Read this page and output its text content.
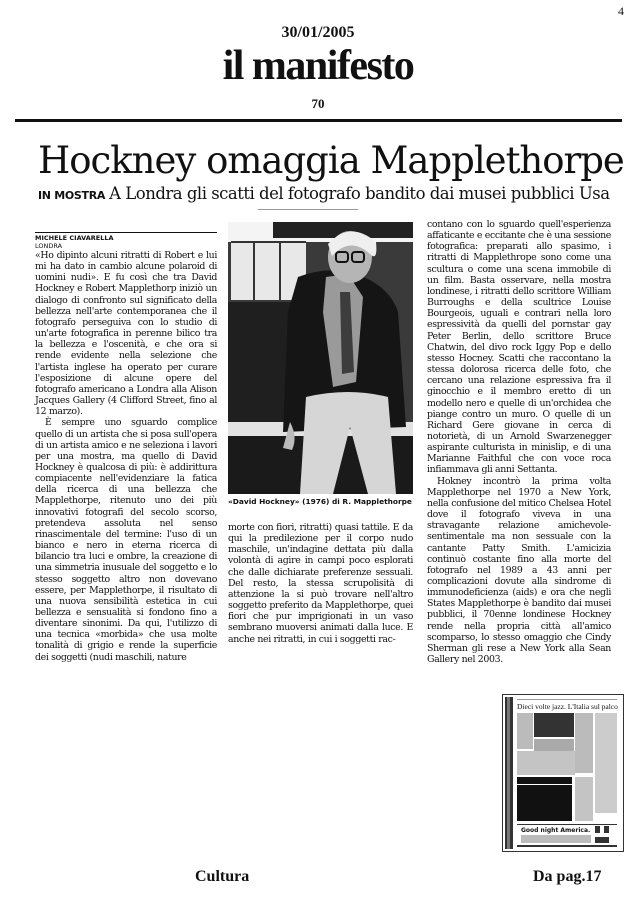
4
30/01/2005
il manifesto
70
Hockney omaggia Mapplethorpe
IN MOSTRA A Londra gli scatti del fotografo bandito dai musei pubblici Usa
MICHELE CIAVARELLA
LONDRA

«Ho dipinto alcuni ritratti di Robert e lui mi ha dato in cambio alcune polaroid di uomini nudi». E fu così che tra David Hockney e Robert Mapplethorp iniziò un dialogo di confronto sul significato della bellezza nell'arte contemporanea che il fotografo perseguiva con lo studio di un'arte fotografica in perenne bilico tra la bellezza e l'oscenità, e che ora si rende evidente nella selezione che l'artista inglese ha operato per curare l'esposizione di alcune opere del fotografo americano a Londra alla Alison Jacques Gallery (4 Clifford Street, fino al 12 marzo).

È sempre uno sguardo complice quello di un artista che si posa sull'opera di un artista amico e ne seleziona i lavori per una mostra, ma quello di David Hockney è qualcosa di più: è addirittura compiacente nell'evidenziare la fatica della ricerca di una bellezza che Mapplethorpe, ritenuto uno dei più innovativi fotografi del secolo scorso, pretendeva assoluta nel senso rinascimentale del termine: l'uso di un bianco e nero in eterna ricerca di bilancio tra luci e ombre, la creazione di una simmetria inusuale del soggetto e lo stesso soggetto altro non dovevano essere, per Mapplethorpe, il risultato di una nuova sensibilità estetica in cui bellezza e sensualità si fondono fino a diventare sinonimi. Da qui, l'utilizzo di una tecnica «morbida» che usa molte tonalità di grigio e rende la superficie dei soggetti (nudi maschili, nature

«David Hockney» (1976) di R. Mapplethorpe

morte con fiori, ritratti) quasi tattile. E da qui la predilezione per il corpo nudo maschile, un'indagine dettata più dalla volontà di agire in campi poco esplorati che dalle dichiarate preferenze sessuali. Del resto, la stessa scrupolisità di attenzione la si può trovare nell'altro soggetto preferito da Mapplethorpe, quei fiori che pur imprigionati in un vaso sembrano muoversi animati dalla luce. E anche nei ritratti, in cui i soggetti rac-

contano con lo sguardo quell'esperienza affaticante e eccitante che è una sessione fotografica: preparati allo spasimo, i ritratti di Mapplethrope sono come una scultura o come una scena immobile di un film. Basta osservare, nella mostra londinese, i ritratti dello scrittore William Burroughs e della scultrice Louise Bourgeois, uguali e contrari nella loro espressività da quelli del pornstar gay Peter Berlin, dello scrittore Bruce Chatwin, del divo rock Iggy Pop e dello stesso Hocney. Scatti che raccontano la stessa dolorosa ricerca delle foto, che cercano una relazione espressiva fra il ginocchio e il membro eretto di un modello nero e quelle di un'orchidea che piange contro un muro. O quelle di un Richard Gere giovane in cerca di notorietà, di un Arnold Swarzenegger aspirante culturista in minislip, e di una Marianne Faithful che con voce roca infiammava gli anni Settanta.

Hokney incontrò la prima volta Mapplethorpe nel 1970 a New York, nella confusione del mitico Chelsea Hotel dove il fotografo viveva in una stravagante relazione amichevole-sentimentale ma non sessuale con la cantante Patty Smith. L'amicizia continuò costante fino alla morte del fotografo nel 1989 a 43 anni per complicazioni dovute alla sindrome di immunodeficienza (aids) e ora che negli States Mapplethorpe è bandito dai musei pubblici, il 70enne londinese Hockney rende nella propria città all'amico scomparso, lo stesso omaggio che Cindy Sherman gli rese a New York alla Sean Gallery nel 2003.

Dieci volte jazz. L'Italia sul palco
Good night America.
Cultura	Da pag.17
